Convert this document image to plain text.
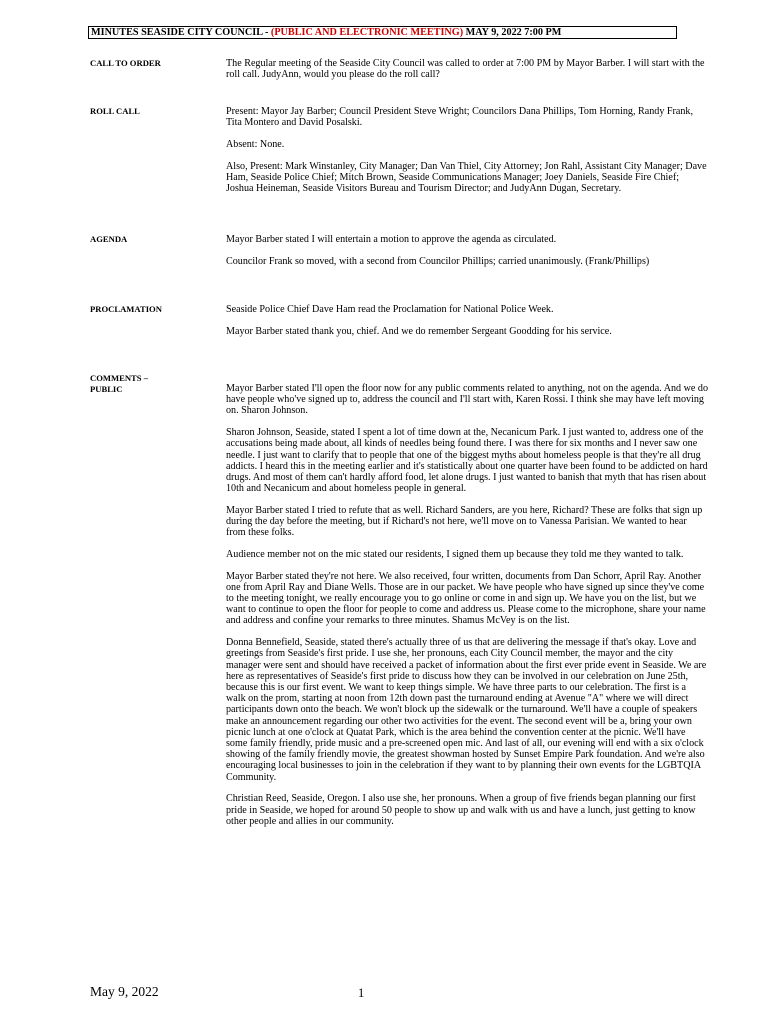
MINUTES SEASIDE CITY COUNCIL - (PUBLIC AND ELECTRONIC MEETING) MAY 9, 2022 7:00 PM
CALL TO ORDER	The Regular meeting of the Seaside City Council was called to order at 7:00 PM by Mayor Barber. I will start with the roll call. JudyAnn, would you please do the roll call?

ROLL CALL	Present: Mayor Jay Barber; Council President Steve Wright; Councilors Dana Phillips, Tom Horning, Randy Frank, Tita Montero and David Posalski.

Absent: None.

Also, Present: Mark Winstanley, City Manager; Dan Van Thiel, City Attorney; Jon Rahl, Assistant City Manager; Dave Ham, Seaside Police Chief; Mitch Brown, Seaside Communications Manager; Joey Daniels, Seaside Fire Chief; Joshua Heineman, Seaside Visitors Bureau and Tourism Director; and JudyAnn Dugan, Secretary.

AGENDA	Mayor Barber stated I will entertain a motion to approve the agenda as circulated.

Councilor Frank so moved, with a second from Councilor Phillips; carried unanimously. (Frank/Phillips)

PROCLAMATION	Seaside Police Chief Dave Ham read the Proclamation for National Police Week.

Mayor Barber stated thank you, chief. And we do remember Sergeant Goodding for his service.

COMMENTS –
PUBLIC	Mayor Barber stated I'll open the floor now for any public comments related to anything, not on the agenda. And we do have people who've signed up to, address the council and I'll start with, Karen Rossi. I think she may have left moving on. Sharon Johnson.

Sharon Johnson, Seaside, stated I spent a lot of time down at the, Necanicum Park. I just wanted to, address one of the accusations being made about, all kinds of needles being found there. I was there for six months and I never saw one needle. I just want to clarify that to people that one of the biggest myths about homeless people is that they're all drug addicts. I heard this in the meeting earlier and it's statistically about one quarter have been found to be addicted on hard drugs. And most of them can't hardly afford food, let alone drugs. I just wanted to banish that myth that has risen about 10th and Necanicum and about homeless people in general.

Mayor Barber stated I tried to refute that as well. Richard Sanders, are you here, Richard? These are folks that sign up during the day before the meeting, but if Richard's not here, we'll move on to Vanessa Parisian. We wanted to hear from these folks.

Audience member not on the mic stated our residents, I signed them up because they told me they wanted to talk.

Mayor Barber stated they're not here. We also received, four written, documents from Dan Schorr, April Ray. Another one from April Ray and Diane Wells. Those are in our packet. We have people who have signed up since they've come to the meeting tonight, we really encourage you to go online or come in and sign up. We have you on the list, but we want to continue to open the floor for people to come and address us. Please come to the microphone, share your name and address and confine your remarks to three minutes. Shamus McVey is on the list.

Donna Bennefield, Seaside, stated there's actually three of us that are delivering the message if that's okay. Love and greetings from Seaside's first pride. I use she, her pronouns, each City Council member, the mayor and the city manager were sent and should have received a packet of information about the first ever pride event in Seaside. We are here as representatives of Seaside's first pride to discuss how they can be involved in our celebration on June 25th, because this is our first event. We want to keep things simple. We have three parts to our celebration. The first is a walk on the prom, starting at noon from 12th down past the turnaround ending at Avenue "A" where we will direct participants down onto the beach. We won't block up the sidewalk or the turnaround. We'll have a couple of speakers make an announcement regarding our other two activities for the event. The second event will be a, bring your own picnic lunch at one o'clock at Quatat Park, which is the area behind the convention center at the picnic. We'll have some family friendly, pride music and a pre-screened open mic. And last of all, our evening will end with a six o'clock showing of the family friendly movie, the greatest showman hosted by Sunset Empire Park foundation. And we're also encouraging local businesses to join in the celebration if they want to by planning their own events for the LGBTQIA Community.

Christian Reed, Seaside, Oregon. I also use she, her pronouns. When a group of five friends began planning our first pride in Seaside, we hoped for around 50 people to show up and walk with us and have a lunch, just getting to know other people and allies in our community.

May 9, 2022	1
